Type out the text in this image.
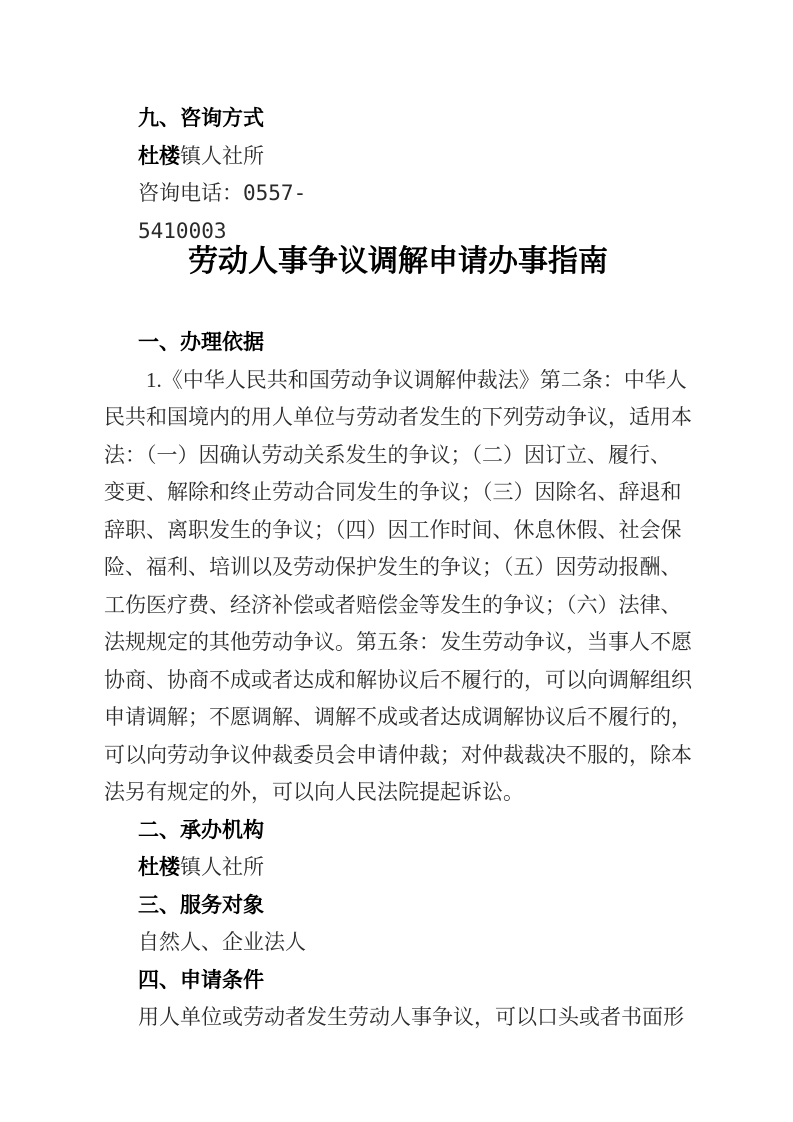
九、咨询方式
杜楼镇人社所
咨询电话：0557-
5410003
劳动人事争议调解申请办事指南
一、办理依据
1.《中华人民共和国劳动争议调解仲裁法》第二条：中华人
民共和国境内的用人单位与劳动者发生的下列劳动争议，适用本
法：（一）因确认劳动关系发生的争议；（二）因订立、履行、
变更、解除和终止劳动合同发生的争议；（三）因除名、辞退和
辞职、离职发生的争议；（四）因工作时间、休息休假、社会保
险、福利、培训以及劳动保护发生的争议；（五）因劳动报酬、
工伤医疗费、经济补偿或者赔偿金等发生的争议；（六）法律、
法规规定的其他劳动争议。第五条：发生劳动争议，当事人不愿
协商、协商不成或者达成和解协议后不履行的，可以向调解组织
申请调解；不愿调解、调解不成或者达成调解协议后不履行的，
可以向劳动争议仲裁委员会申请仲裁；对仲裁裁决不服的，除本
法另有规定的外，可以向人民法院提起诉讼。
二、承办机构
杜楼镇人社所
三、服务对象
自然人、企业法人
四、申请条件
用人单位或劳动者发生劳动人事争议，可以口头或者书面形
